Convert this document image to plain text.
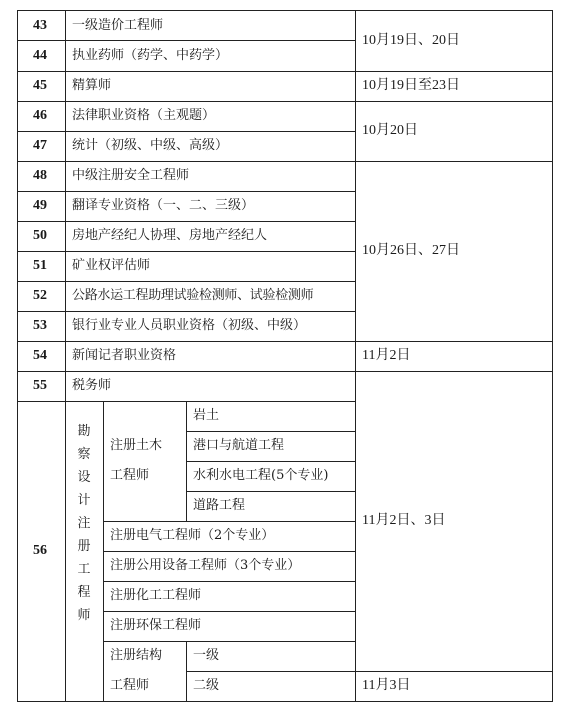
43
44
45
46
47
48
49
50
51
52
53
54
55
56
一级造价工程师
执业药师（药学、中药学）
精算师
法律职业资格（主观题）
统计（初级、中级、高级）
中级注册安全工程师
翻译专业资格（一、二、三级）
房地产经纪人协理、房地产经纪人
矿业权评估师
公路水运工程助理试验检测师、试验检测师
银行业专业人员职业资格（初级、中级）
新闻记者职业资格
税务师
10月19日、20日
10月19日至23日
10月20日
10月26日、27日
11月2日
11月2日、3日
11月3日
勘
察
设
计
注
册
工
程
师
注册土木
工程师
岩土
港口与航道工程
水利水电工程(5个专业)
道路工程
注册电气工程师（2个专业）
注册公用设备工程师（3个专业）
注册化工工程师
注册环保工程师
注册结构
工程师
一级
二级
